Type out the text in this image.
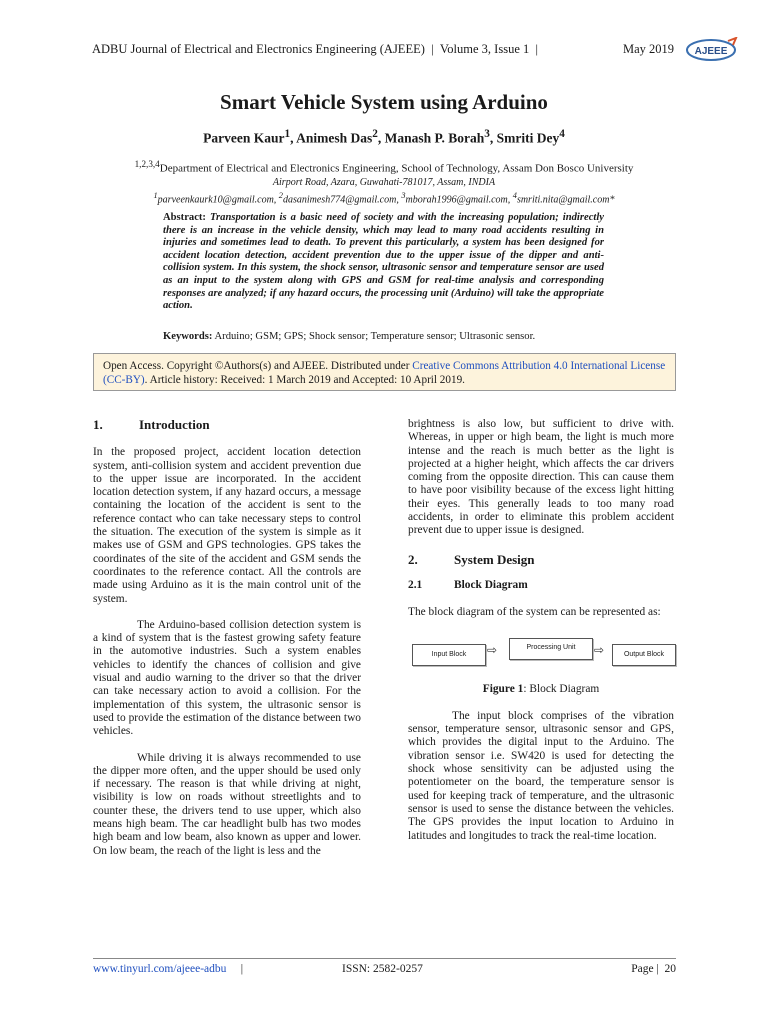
ADBU Journal of Electrical and Electronics Engineering (AJEEE) | Volume 3, Issue 1 |	May 2019 AJEEE
Smart Vehicle System using Arduino
Parveen Kaur$^1$, Animesh Das$^2$, Manash P. Borah$^3$, Smriti Dey$^4$
$^{1,2,3,4}$Department of Electrical and Electronics Engineering, School of Technology, Assam Don Bosco University
Airport Road, Azara, Guwahati-781017, Assam, INDIA
$^1$parveenkaurk10@gmail.com, $^2$dasanimesh774@gmail.com, $^3$mborah1996@gmail.com, $^4$smriti.nita@gmail.com*
Abstract: Transportation is a basic need of society and with the increasing population; indirectly there is an increase in the vehicle density, which may lead to many road accidents resulting in injuries and sometimes lead to death. To prevent this particularly, a system has been designed for accident location detection, accident prevention due to the upper issue of the dipper and anti-collision system. In this system, the shock sensor, ultrasonic sensor and temperature sensor are used as an input to the system along with GPS and GSM for real-time analysis and corresponding responses are analyzed; if any hazard occurs, the processing unit (Arduino) will take the appropriate action.
Keywords: Arduino; GSM; GPS; Shock sensor; Temperature sensor; Ultrasonic sensor.
Open Access. Copyright ©Authors(s) and AJEEE. Distributed under Creative Commons Attribution 4.0 International License (CC-BY). Article history: Received: 1 March 2019 and Accepted: 10 April 2019.
1.	Introduction

In the proposed project, accident location detection system, anti-collision system and accident prevention due to the upper issue are incorporated. In the accident location detection system, if any hazard occurs, a message containing the location of the accident is sent to the reference contact who can take necessary steps to control the situation. The execution of the system is simple as it makes use of GSM and GPS technologies. GPS takes the coordinates of the site of the accident and GSM sends the coordinates to the reference contact. All the controls are made using Arduino as it is the main control unit of the system.

The Arduino-based collision detection system is a kind of system that is the fastest growing safety feature in the automotive industries. Such a system enables vehicles to identify the chances of collision and give visual and audio warning to the driver so that the driver can take necessary action to avoid a collision. For the implementation of this system, the ultrasonic sensor is used to provide the estimation of the distance between two vehicles.

While driving it is always recommended to use the dipper more often, and the upper should be used only if necessary. The reason is that while driving at night, visibility is low on roads without streetlights and to counter these, the drivers tend to use upper, which also means high beam. The car headlight bulb has two modes high beam and low beam, also known as upper and lower. On low beam, the reach of the light is less and the

brightness is also low, but sufficient to drive with. Whereas, in upper or high beam, the light is much more intense and the reach is much better as the light is projected at a higher height, which affects the car drivers coming from the opposite direction. This can cause them to have poor visibility because of the excess light hitting their eyes. This generally leads to too many road accidents, in order to eliminate this problem accident prevent due to upper issue is designed.

2.	System Design
2.1	Block Diagram

The block diagram of the system can be represented as:

Input Block	⇨	Processing Unit	⇨	Output Block
Figure 1: Block Diagram

The input block comprises of the vibration sensor, temperature sensor, ultrasonic sensor and GPS, which provides the digital input to the Arduino. The vibration sensor i.e. SW420 is used for detecting the shock whose sensitivity can be adjusted using the potentiometer on the board, the temperature sensor is used for keeping track of temperature, and the ultrasonic sensor is used to sense the distance between the vehicles. The GPS provides the input location to Arduino in latitudes and longitudes to track the real-time location.

www.tinyurl.com/ajeee-adbu |	ISSN: 2582-0257	Page | 20
